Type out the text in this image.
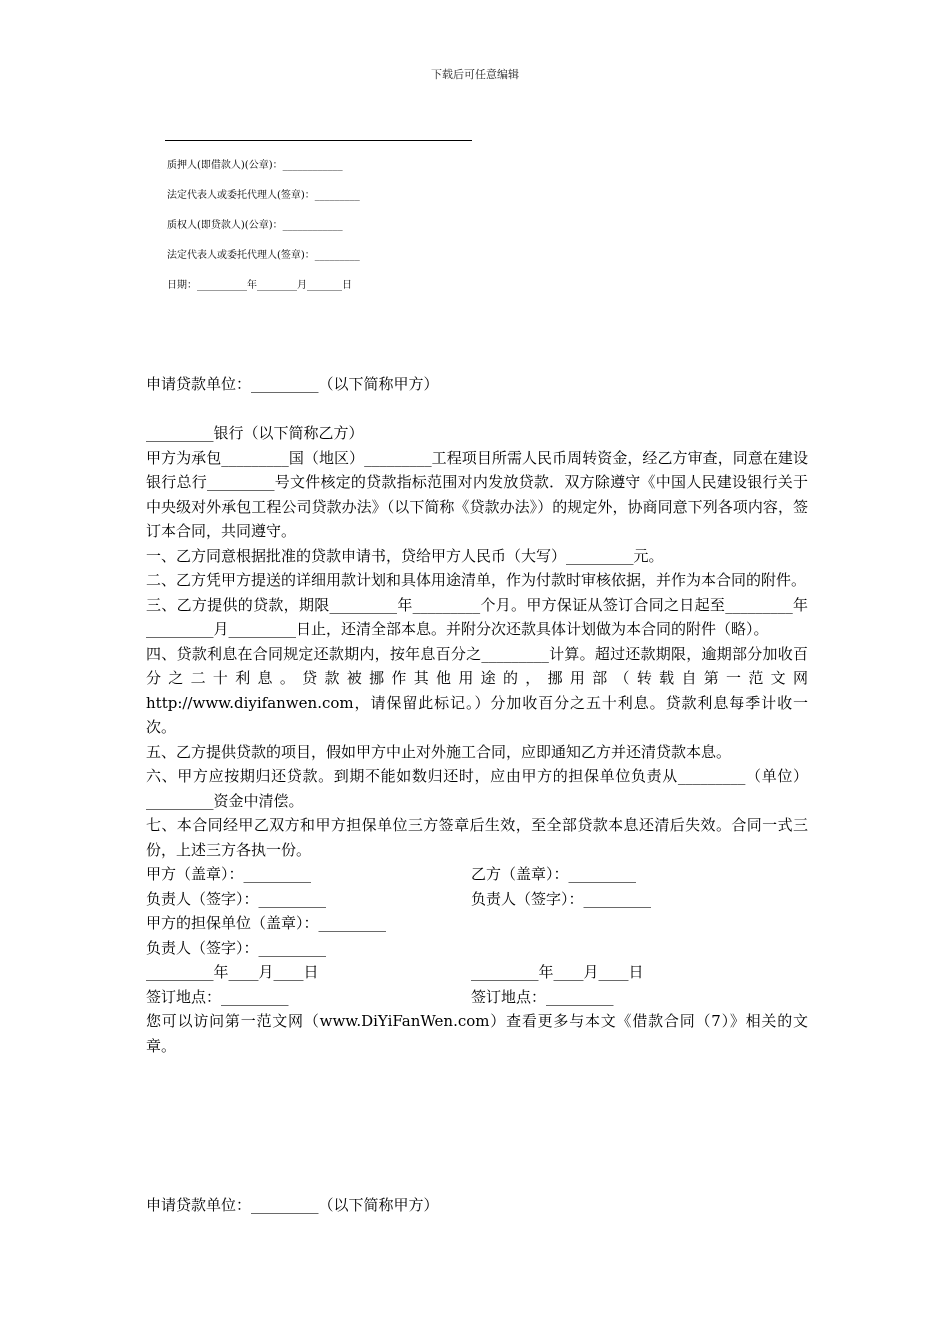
下载后可任意编辑
质押人(即借款人)(公章)：____________
法定代表人或委托代理人(签章)：_________
质权人(即贷款人)(公章)：____________
法定代表人或委托代理人(签章)：_________
日期：__________年________月_______日

申请贷款单位：_________（以下简称甲方）

_________银行（以下简称乙方）

甲方为承包_________国（地区）_________工程项目所需人民币周转资金，经乙方审查，同意在建设银行总行_________号文件核定的贷款指标范围对内发放贷款．双方除遵守《中国人民建设银行关于中央级对外承包工程公司贷款办法》（以下简称《贷款办法》）的规定外，协商同意下列各项内容，签订本合同，共同遵守。

一、乙方同意根据批准的贷款申请书，贷给甲方人民币（大写）_________元。

二、乙方凭甲方提送的详细用款计划和具体用途清单，作为付款时审核依据，并作为本合同的附件。

三、乙方提供的贷款，期限_________年_________个月。甲方保证从签订合同之日起至_________年_________月_________日止，还清全部本息。并附分次还款具体计划做为本合同的附件（略）。

四、贷款利息在合同规定还款期内，按年息百分之_________计算。超过还款期限，逾期部分加收百分之二十利息。贷款被挪作其他用途的，挪用部（转载自第一范文网 http://www.diyifanwen.com，请保留此标记。）分加收百分之五十利息。贷款利息每季计收一次。

五、乙方提供贷款的项目，假如甲方中止对外施工合同，应即通知乙方并还清贷款本息。

六、甲方应按期归还贷款。到期不能如数归还时，应由甲方的担保单位负责从_________（单位）_________资金中清偿。

七、本合同经甲乙双方和甲方担保单位三方签章后生效，至全部贷款本息还清后失效。合同一式三份，上述三方各执一份。

甲方（盖章）：_________	乙方（盖章）：_________
负责人（签字）：_________	负责人（签字）：_________

甲方的担保单位（盖章）：_________

负责人（签字）：_________

_________年____月____日	_________年____月____日
签订地点：_________	签订地点：_________

您可以访问第一范文网（www.DiYiFanWen.com）查看更多与本文《借款合同（7）》相关的文章。

申请贷款单位：_________（以下简称甲方）
